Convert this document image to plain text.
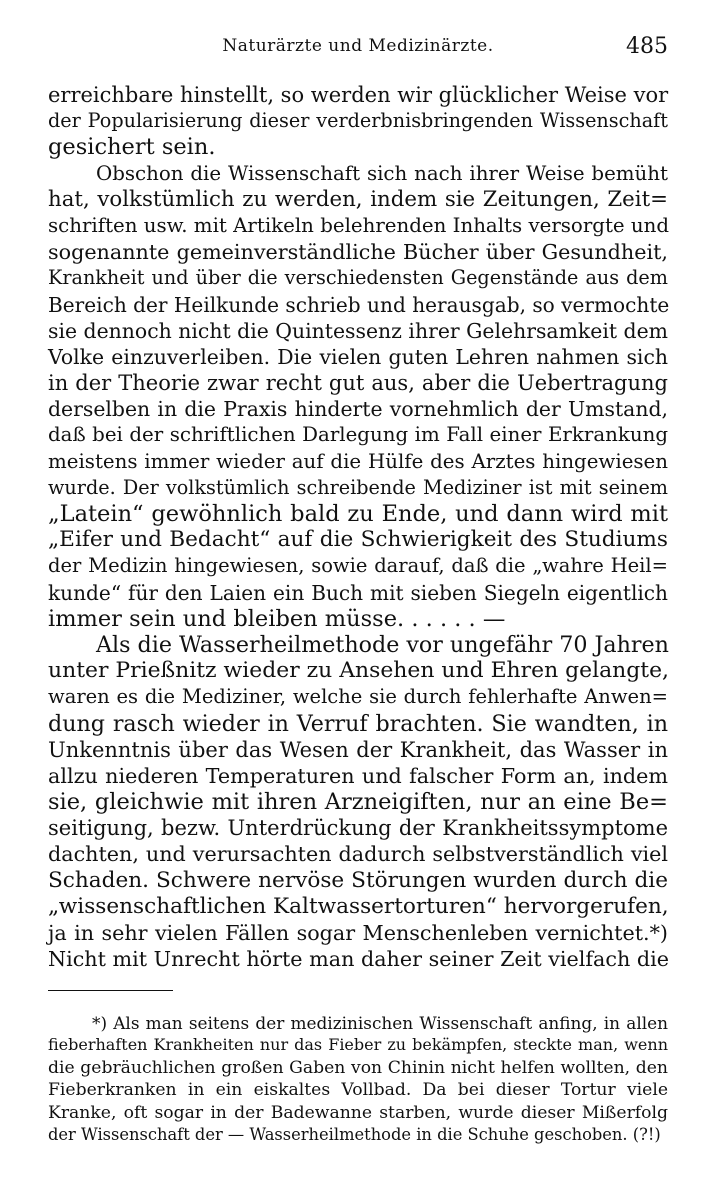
Naturärzte und Medizinärzte.	485
erreichbare hinstellt, so werden wir glücklicher Weise vor
der Popularisierung dieser verderbnisbringenden Wissenschaft
gesichert sein.
Obschon die Wissenschaft sich nach ihrer Weise bemüht
hat, volkstümlich zu werden, indem sie Zeitungen, Zeit=
schriften usw. mit Artikeln belehrenden Inhalts versorgte und
sogenannte gemeinverständliche Bücher über Gesundheit,
Krankheit und über die verschiedensten Gegenstände aus dem
Bereich der Heilkunde schrieb und herausgab, so vermochte
sie dennoch nicht die Quintessenz ihrer Gelehrsamkeit dem
Volke einzuverleiben. Die vielen guten Lehren nahmen sich
in der Theorie zwar recht gut aus, aber die Uebertragung
derselben in die Praxis hinderte vornehmlich der Umstand,
daß bei der schriftlichen Darlegung im Fall einer Erkrankung
meistens immer wieder auf die Hülfe des Arztes hingewiesen
wurde. Der volkstümlich schreibende Mediziner ist mit seinem
„Latein“ gewöhnlich bald zu Ende, und dann wird mit
„Eifer und Bedacht“ auf die Schwierigkeit des Studiums
der Medizin hingewiesen, sowie darauf, daß die „wahre Heil=
kunde“ für den Laien ein Buch mit sieben Siegeln eigentlich
immer sein und bleiben müsse. . . . . . —
Als die Wasserheilmethode vor ungefähr 70 Jahren
unter Prießnitz wieder zu Ansehen und Ehren gelangte,
waren es die Mediziner, welche sie durch fehlerhafte Anwen=
dung rasch wieder in Verruf brachten. Sie wandten, in
Unkenntnis über das Wesen der Krankheit, das Wasser in
allzu niederen Temperaturen und falscher Form an, indem
sie, gleichwie mit ihren Arzneigiften, nur an eine Be=
seitigung, bezw. Unterdrückung der Krankheitssymptome
dachten, und verursachten dadurch selbstverständlich viel
Schaden. Schwere nervöse Störungen wurden durch die
„wissenschaftlichen Kaltwassertorturen“ hervorgerufen,
ja in sehr vielen Fällen sogar Menschenleben vernichtet.*)
Nicht mit Unrecht hörte man daher seiner Zeit vielfach die
*) Als man seitens der medizinischen Wissenschaft anfing, in allen
fieberhaften Krankheiten nur das Fieber zu bekämpfen, steckte man, wenn
die gebräuchlichen großen Gaben von Chinin nicht helfen wollten, den
Fieberkranken in ein eiskaltes Vollbad. Da bei dieser Tortur viele
Kranke, oft sogar in der Badewanne starben, wurde dieser Mißerfolg
der Wissenschaft der — Wasserheilmethode in die Schuhe geschoben. (?!)
